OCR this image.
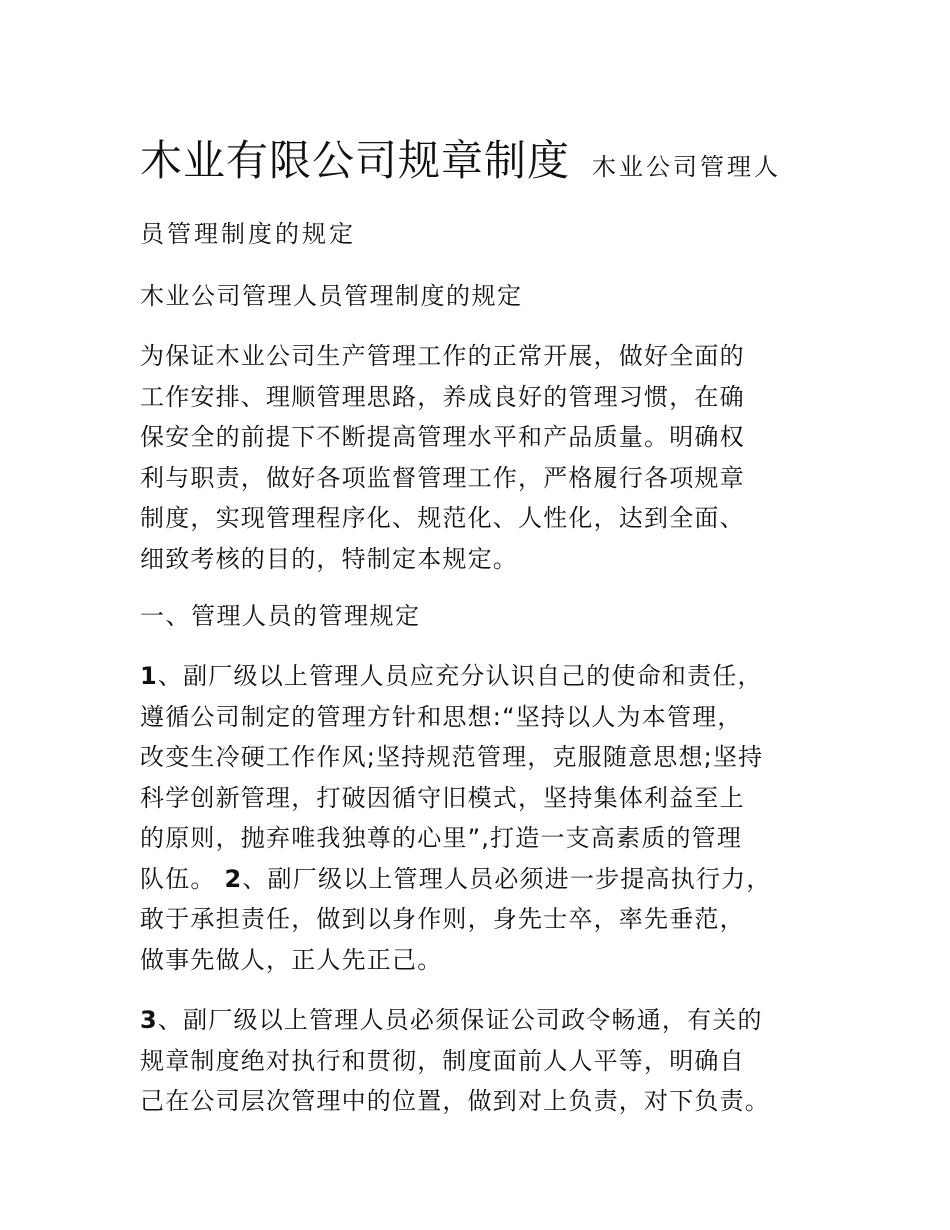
木业有限公司规章制度 木业公司管理人
员管理制度的规定
木业公司管理人员管理制度的规定
为保证木业公司生产管理工作的正常开展，做好全面的
工作安排、理顺管理思路，养成良好的管理习惯，在确
保安全的前提下不断提高管理水平和产品质量。明确权
利与职责，做好各项监督管理工作，严格履行各项规章
制度，实现管理程序化、规范化、人性化，达到全面、
细致考核的目的，特制定本规定。
一、管理人员的管理规定
1、副厂级以上管理人员应充分认识自己的使命和责任，
遵循公司制定的管理方针和思想:“坚持以人为本管理，
改变生冷硬工作作风;坚持规范管理，克服随意思想;坚持
科学创新管理，打破因循守旧模式，坚持集体利益至上
的原则，抛弃唯我独尊的心里”,打造一支高素质的管理
队伍。 2、副厂级以上管理人员必须进一步提高执行力，
敢于承担责任，做到以身作则，身先士卒，率先垂范，
做事先做人，正人先正己。
3、副厂级以上管理人员必须保证公司政令畅通，有关的
规章制度绝对执行和贯彻，制度面前人人平等，明确自
己在公司层次管理中的位置，做到对上负责，对下负责。
